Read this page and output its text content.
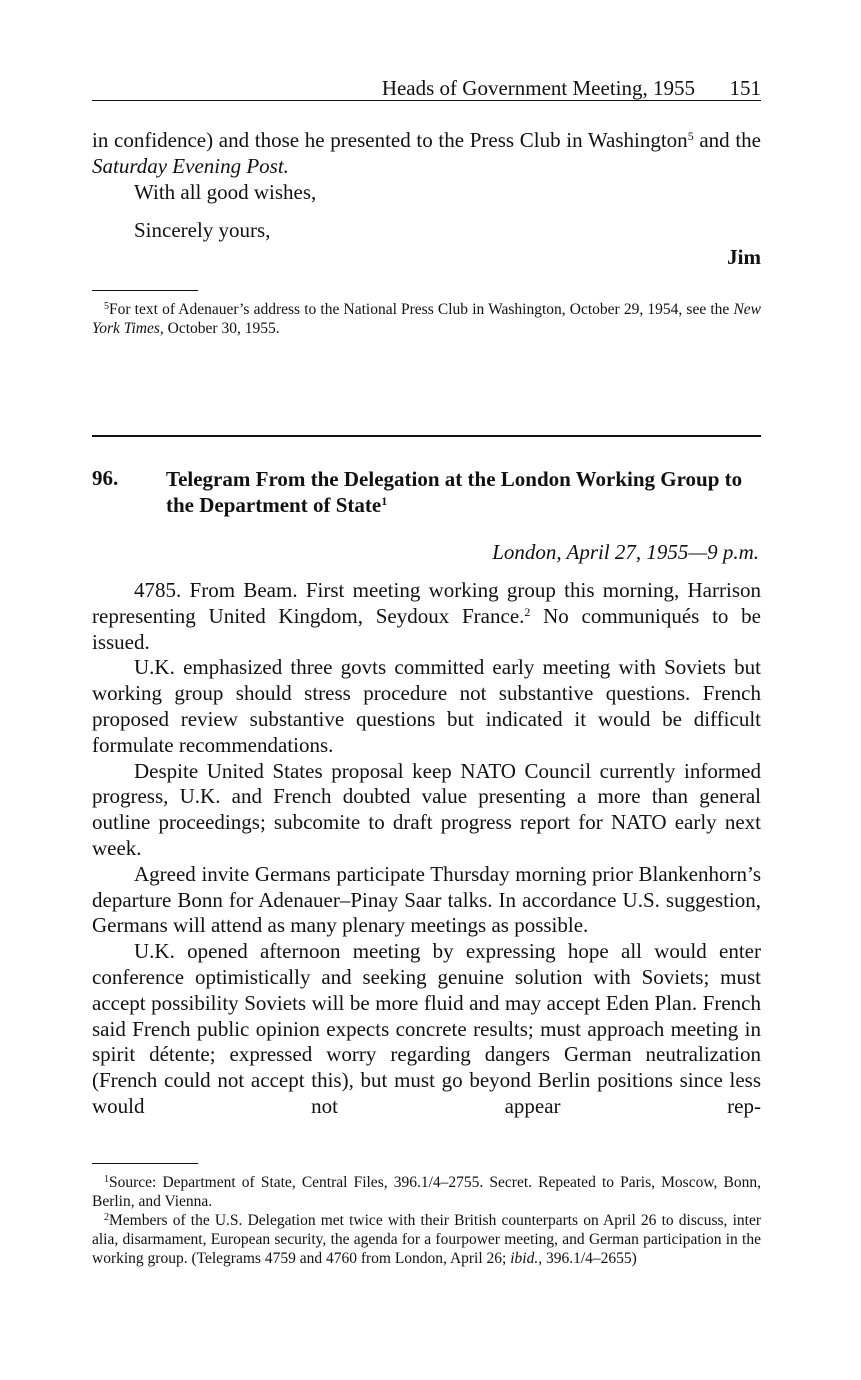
Heads of Government Meeting, 1955 151

in confidence) and those he presented to the Press Club in Washington$^5$ and the Saturday Evening Post.

With all good wishes,

Sincerely yours,
Jim

$^5$For text of Adenauer’s address to the National Press Club in Washington, October 29, 1954, see the New York Times, October 30, 1955.

96. Telegram From the Delegation at the London Working Group to the Department of State$^1$
London, April 27, 1955—9 p.m.

4785. From Beam. First meeting working group this morning, Harrison representing United Kingdom, Seydoux France.$^2$ No communiqués to be issued.

U.K. emphasized three govts committed early meeting with Soviets but working group should stress procedure not substantive questions. French proposed review substantive questions but indicated it would be difficult formulate recommendations.

Despite United States proposal keep NATO Council currently informed progress, U.K. and French doubted value presenting a more than general outline proceedings; subcomite to draft progress report for NATO early next week.

Agreed invite Germans participate Thursday morning prior Blankenhorn’s departure Bonn for Adenauer–Pinay Saar talks. In accordance U.S. suggestion, Germans will attend as many plenary meetings as possible.

U.K. opened afternoon meeting by expressing hope all would enter conference optimistically and seeking genuine solution with Soviets; must accept possibility Soviets will be more fluid and may accept Eden Plan. French said French public opinion expects concrete results; must approach meeting in spirit détente; expressed worry regarding dangers German neutralization (French could not accept this), but must go beyond Berlin positions since less would not appear rep-

$^1$Source: Department of State, Central Files, 396.1/4–2755. Secret. Repeated to Paris, Moscow, Bonn, Berlin, and Vienna.

$^2$Members of the U.S. Delegation met twice with their British counterparts on April 26 to discuss, inter alia, disarmament, European security, the agenda for a fourpower meeting, and German participation in the working group. (Telegrams 4759 and 4760 from London, April 26; ibid., 396.1/4–2655)
